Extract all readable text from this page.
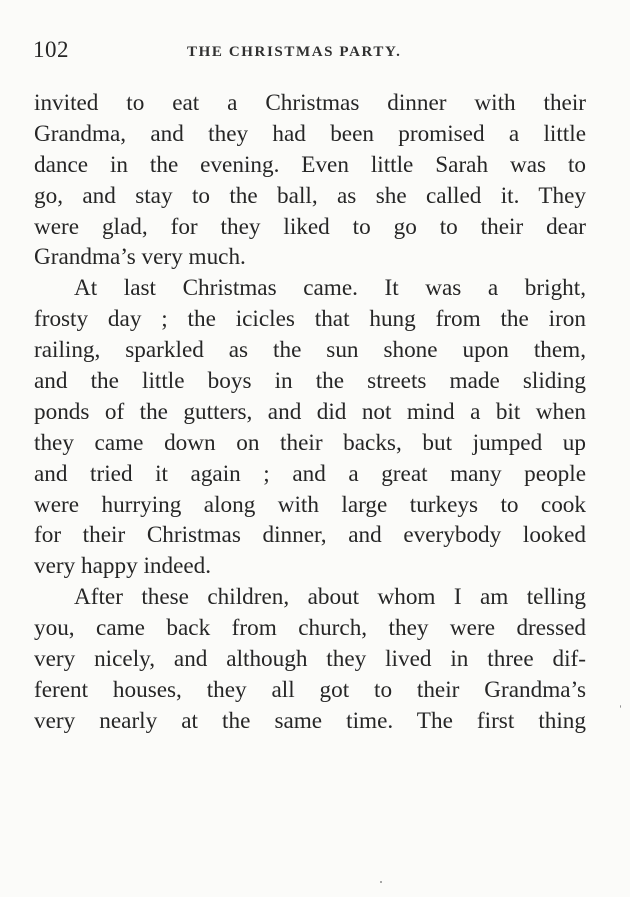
102	THE CHRISTMAS PARTY.
invited to eat a Christmas dinner with their
Grandma, and they had been promised a little
dance in the evening. Even little Sarah was to
go, and stay to the ball, as she called it. They
were glad, for they liked to go to their dear
Grandma’s very much.
At last Christmas came. It was a bright,
frosty day ; the icicles that hung from the iron
railing, sparkled as the sun shone upon them,
and the little boys in the streets made sliding
ponds of the gutters, and did not mind a bit when
they came down on their backs, but jumped up
and tried it again ; and a great many people
were hurrying along with large turkeys to cook
for their Christmas dinner, and everybody looked
very happy indeed.
After these children, about whom I am telling
you, came back from church, they were dressed
very nicely, and although they lived in three dif-
ferent houses, they all got to their Grandma’s
very nearly at the same time. The first thing
